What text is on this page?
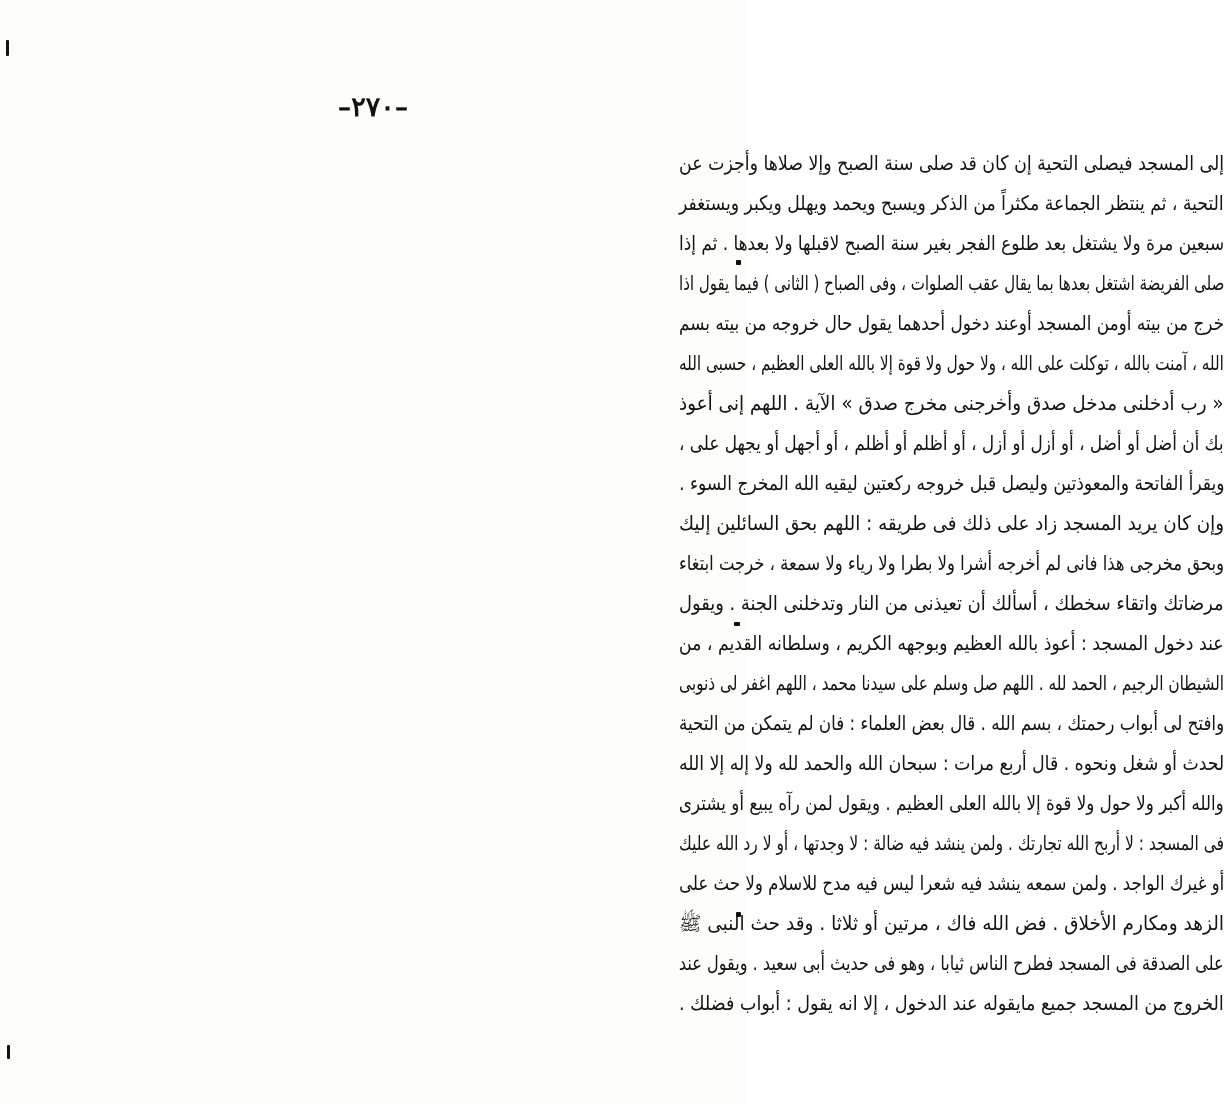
–٢٧٠–
إلى المسجد فيصلى التحية إن كان قد صلى سنة الصبح وإلا صلاها وأجزت عن
التحية ، ثم ينتظر الجماعة مكثراً من الذكر ويسبح ويحمد ويهلل ويكبر ويستغفر
سبعين مرة ولا يشتغل بعد طلوع الفجر بغير سنة الصبح لاقبلها ولا بعدها . ثم إذا
صلى الفريضة اشتغل بعدها بما يقال عقب الصلوات ، وفى الصباح ( الثانى ) فيما يقول اذا
خرج من بيته أومن المسجد أوعند دخول أحدهما يقول حال خروجه من بيته بسم
الله ، آمنت بالله ، توكلت على الله ، ولا حول ولا قوة إلا بالله العلى العظيم ، حسبى الله
« رب أدخلنى مدخل صدق وأخرجنى مخرج صدق » الآية . اللهم إنى أعوذ
بك أن أضل أو أضل ، أو أزل أو أزل ، أو أظلم أو أظلم ، أو أجهل أو يجهل على ،
ويقرأ الفاتحة والمعوذتين وليصل قبل خروجه ركعتين ليقيه الله المخرج السوء .
وإن كان يريد المسجد زاد على ذلك فى طريقه : اللهم بحق السائلين إليك
وبحق مخرجى هذا فانى لم أخرجه أشرا ولا بطرا ولا رياء ولا سمعة ، خرجت ابتغاء
مرضاتك واتقاء سخطك ، أسألك أن تعيذنى من النار وتدخلنى الجنة . ويقول
عند دخول المسجد : أعوذ بالله العظيم وبوجهه الكريم ، وسلطانه القديم ، من
الشيطان الرجيم ، الحمد لله . اللهم صل وسلم على سيدنا محمد ، اللهم اغفر لى ذنوبى
وافتح لى أبواب رحمتك ، بسم الله . قال بعض العلماء : فان لم يتمكن من التحية
لحدث أو شغل ونحوه . قال أربع مرات : سبحان الله والحمد لله ولا إله إلا الله
والله أكبر ولا حول ولا قوة إلا بالله العلى العظيم . ويقول لمن رآه يبيع أو يشترى
فى المسجد : لا أربح الله تجارتك . ولمن ينشد فيه ضالة : لا وجدتها ، أو لا رد الله عليك
أو غيرك الواجد . ولمن سمعه ينشد فيه شعرا ليس فيه مدح للاسلام ولا حث على
الزهد ومكارم الأخلاق . فض الله فاك ، مرتين أو ثلاثا . وقد حث النبى ﷺ
على الصدقة فى المسجد فطرح الناس ثيابا ، وهو فى حديث أبى سعيد . ويقول عند
الخروج من المسجد جميع مايقوله عند الدخول ، إلا انه يقول : أبواب فضلك .
